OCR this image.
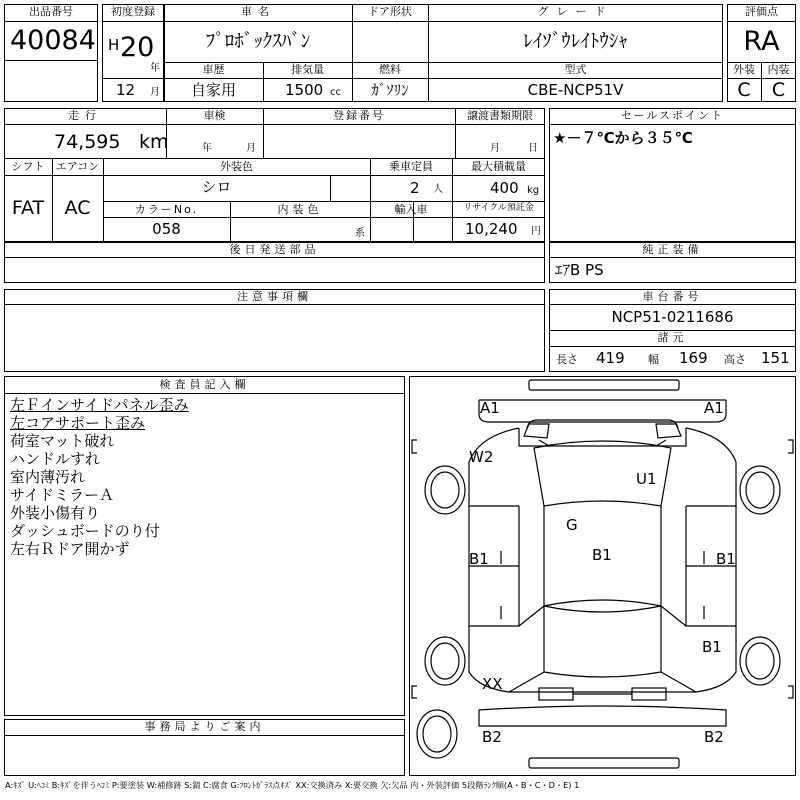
出品番号
40084
初度登録
H 20
年
12 月
車名
ﾌﾟﾛﾎﾞｯｸｽﾊﾞﾝ
ドア形状	グレード
ﾚｲｿﾞｳﾚｲﾄｳｼｬ
車歴
自家用
排気量
1500 cc
燃料
ｶﾞｿﾘﾝ
型式
CBE-NCP51V
評価点
RA
外装	内装
C	C
走行
74,595 km
車検
年	月
登録番号	譲渡書類期限
月	日
シフト
FAT
エアコン
AC
外装色
シロ
乗車定員
2 人
最大積載量
400 kg
カラーNo.
058
内装色
系
輸入車	リサイクル預託金
10,240 円
セールスポイント
★－７℃から３５℃
後日発送部品	純正装備
ｴｱB PS
注意事項欄	車台番号
NCP51-0211686
諸元
長さ 419 幅 169 高さ 151
検査員記入欄
左Ｆインサイドパネル歪み
左コアサポート歪み
荷室マット破れ
ハンドルすれ
室内薄汚れ
サイドミラーＡ
外装小傷有り
ダッシュボードのり付
左右Ｒドア開かず
事務局よりご案内
A1	A1
W2
U1
G
B1	B1	B1
B1
XX
B2	B2
A:ｷｽﾞ U:ﾍｺﾐ B:ｷｽﾞを伴うﾍｺﾐ P:要塗装 W:補修跡 S:錆 C:腐食 G:ﾌﾛﾝﾄｶﾞﾗｽ点ｷｽﾞ XX:交換済み X:要交換 欠:欠品 内・外装評価 5段階ﾗﾝｸ順(A・B・C・D・E) 1
